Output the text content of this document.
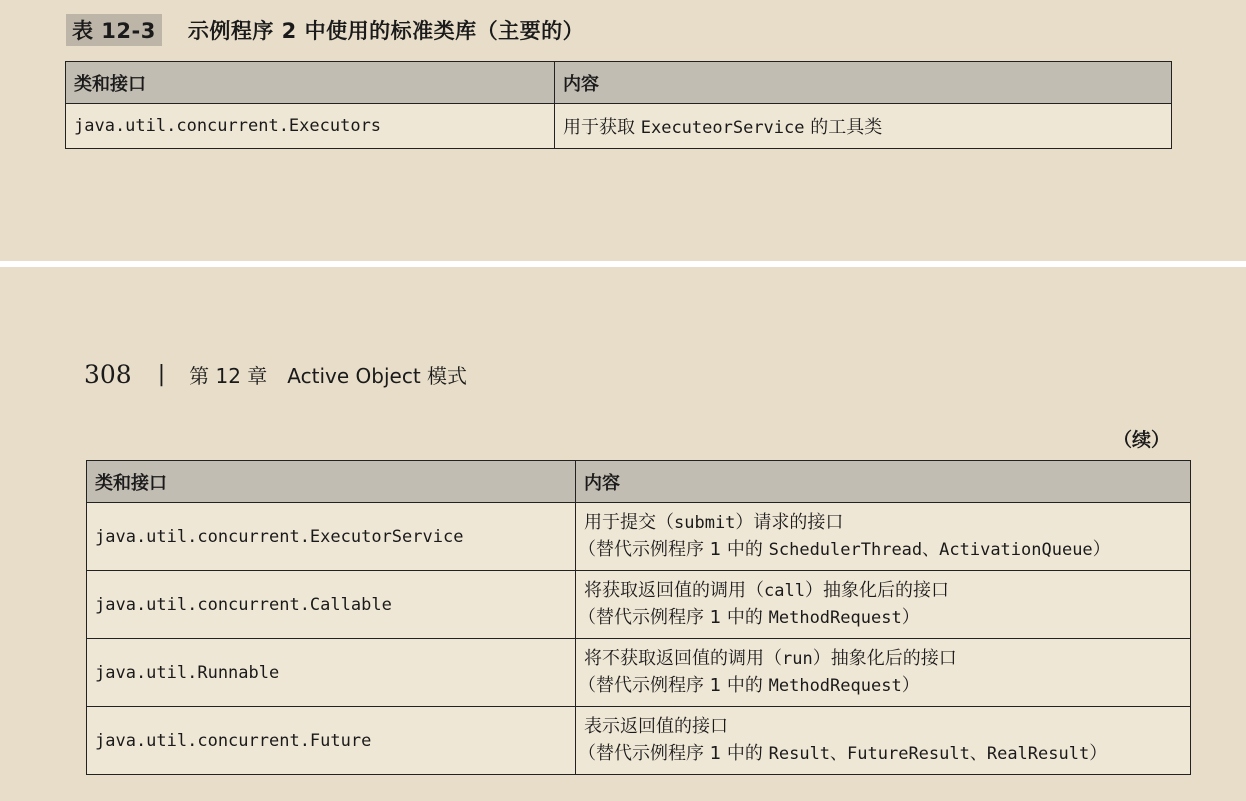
表 12-3 示例程序 2 中使用的标准类库（主要的）
类和接口	内容
java.util.concurrent.Executors	用于获取 ExecuteorService 的工具类
308 | 第 12 章　Active Object 模式
（续）
类和接口	内容
java.util.concurrent.ExecutorService	用于提交（submit）请求的接口
（替代示例程序 1 中的 SchedulerThread、ActivationQueue）

java.util.concurrent.Callable	将获取返回值的调用（call）抽象化后的接口
（替代示例程序 1 中的 MethodRequest）

java.util.Runnable	将不获取返回值的调用（run）抽象化后的接口
（替代示例程序 1 中的 MethodRequest）

java.util.concurrent.Future	表示返回值的接口
（替代示例程序 1 中的 Result、FutureResult、RealResult）
